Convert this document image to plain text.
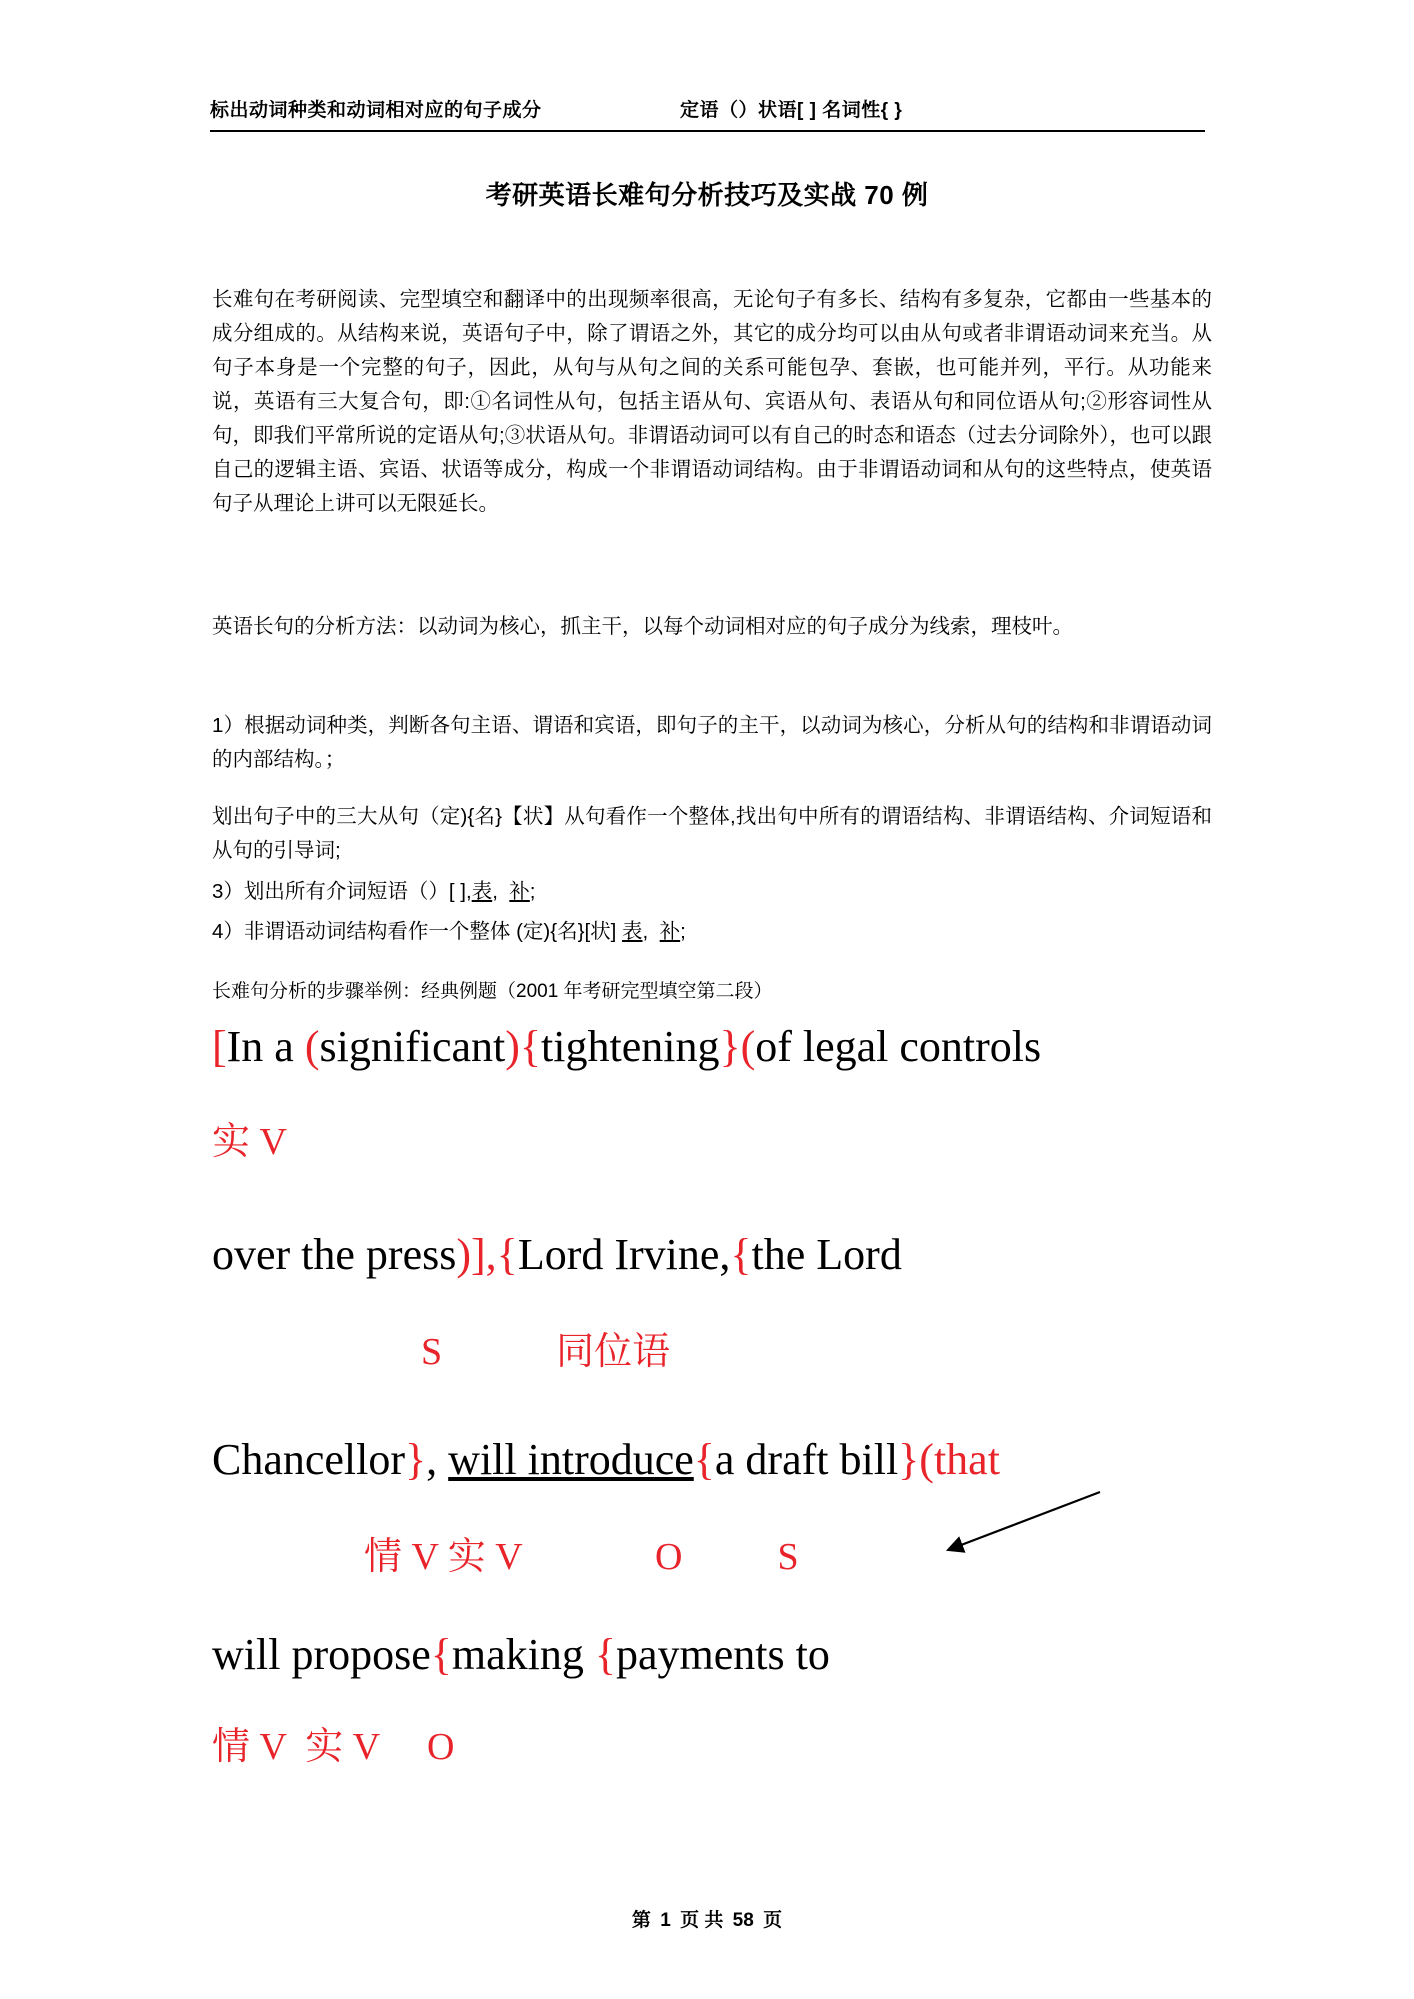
标出动词种类和动词相对应的句子成分	定语（）状语[ ] 名词性{ }
考研英语长难句分析技巧及实战 70 例
长难句在考研阅读、完型填空和翻译中的出现频率很高，无论句子有多长、结构有多复杂，它都由一些基本的成分组成的。从结构来说，英语句子中，除了谓语之外，其它的成分均可以由从句或者非谓语动词来充当。从句子本身是一个完整的句子，因此，从句与从句之间的关系可能包孕、套嵌，也可能并列，平行。从功能来说，英语有三大复合句，即:①名词性从句，包括主语从句、宾语从句、表语从句和同位语从句;②形容词性从句，即我们平常所说的定语从句;③状语从句。非谓语动词可以有自己的时态和语态（过去分词除外），也可以跟自己的逻辑主语、宾语、状语等成分，构成一个非谓语动词结构。由于非谓语动词和从句的这些特点，使英语句子从理论上讲可以无限延长。
英语长句的分析方法：以动词为核心，抓主干，以每个动词相对应的句子成分为线索，理枝叶。
1）根据动词种类，判断各句主语、谓语和宾语，即句子的主干，以动词为核心，分析从句的结构和非谓语动词的内部结构。；
划出句子中的三大从句（定){名}【状】从句看作一个整体,找出句中所有的谓语结构、非谓语结构、介词短语和从句的引导词;
3）划出所有介词短语（）[ ],表, 补;
4）非谓语动词结构看作一个整体 (定){名}[状] 表, 补;
长难句分析的步骤举例：经典例题（2001 年考研完型填空第二段）
[In a (significant){tightening}(of legal controls
实 V
over the press)],{Lord Irvine,{the Lord
S            同位语
Chancellor}, will introduce{a draft bill}(that
情 V 实 V              O          S
will propose{making {payments to
情 V  实 V     O
第 1 页 共 58 页
